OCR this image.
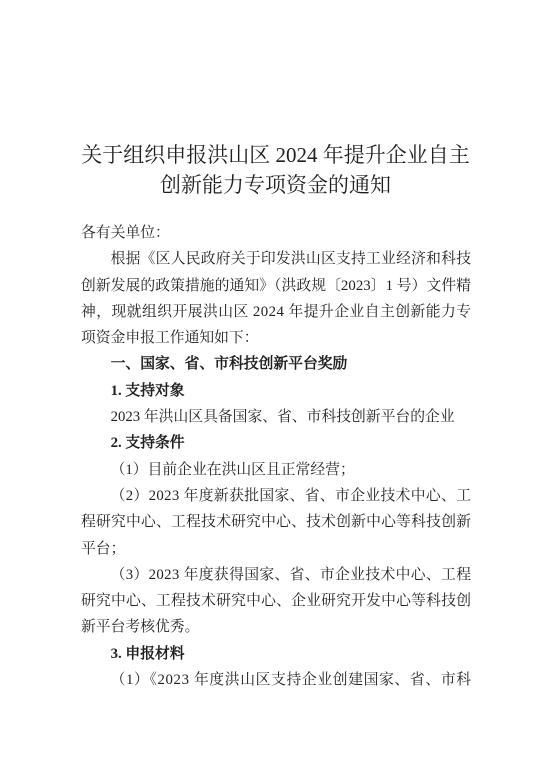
关于组织申报洪山区 2024 年提升企业自主
创新能力专项资金的通知
各有关单位：
根据《区人民政府关于印发洪山区支持工业经济和科技
创新发展的政策措施的通知》（洪政规〔2023〕1 号）文件精
神，现就组织开展洪山区 2024 年提升企业自主创新能力专
项资金申报工作通知如下：
一、国家、省、市科技创新平台奖励
1. 支持对象
2023 年洪山区具备国家、省、市科技创新平台的企业
2. 支持条件
（1）目前企业在洪山区且正常经营；
（2）2023 年度新获批国家、省、市企业技术中心、工
程研究中心、工程技术研究中心、技术创新中心等科技创新
平台；
（3）2023 年度获得国家、省、市企业技术中心、工程
研究中心、工程技术研究中心、企业研究开发中心等科技创
新平台考核优秀。
3. 申报材料
（1）《2023 年度洪山区支持企业创建国家、省、市科
